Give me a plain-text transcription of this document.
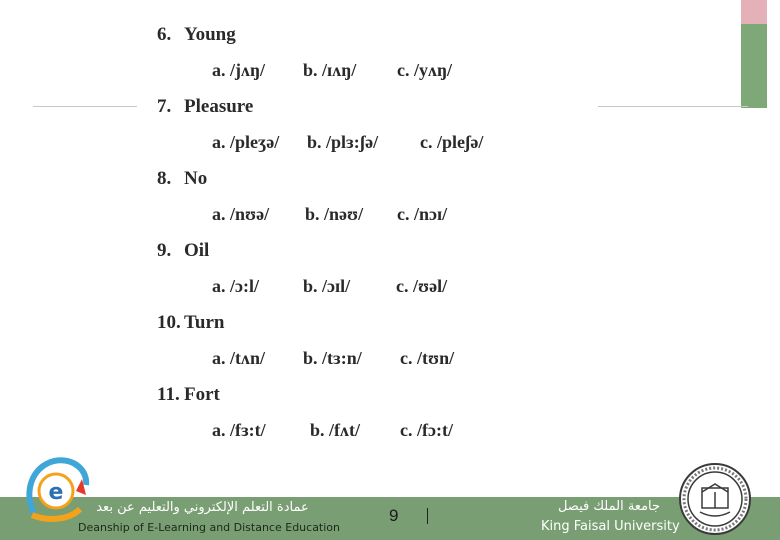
6. Young
a. /jʌŋ/ b. /ɪʌŋ/ c. /yʌŋ/
7. Pleasure
a. /pleʒə/ b. /plɜ:ʃə/ c. /pleʃə/
8. No
a. /nʊə/ b. /nəʊ/ c. /nɔɪ/
9. Oil
a. /ɔ:l/ b. /ɔɪl/	c. /ʊəl/
10. Turn
a. /tʌn/ b. /tɜ:n/ c. /tʊn/
11. Fort
a. /fɜ:t/ b. /fʌt/ c. /fɔ:t/
e
عمادة التعلم الإلكتروني والتعليم عن بعد
Deanship of E-Learning and Distance Education
9	جامعة الملك فيصل
King Faisal University
